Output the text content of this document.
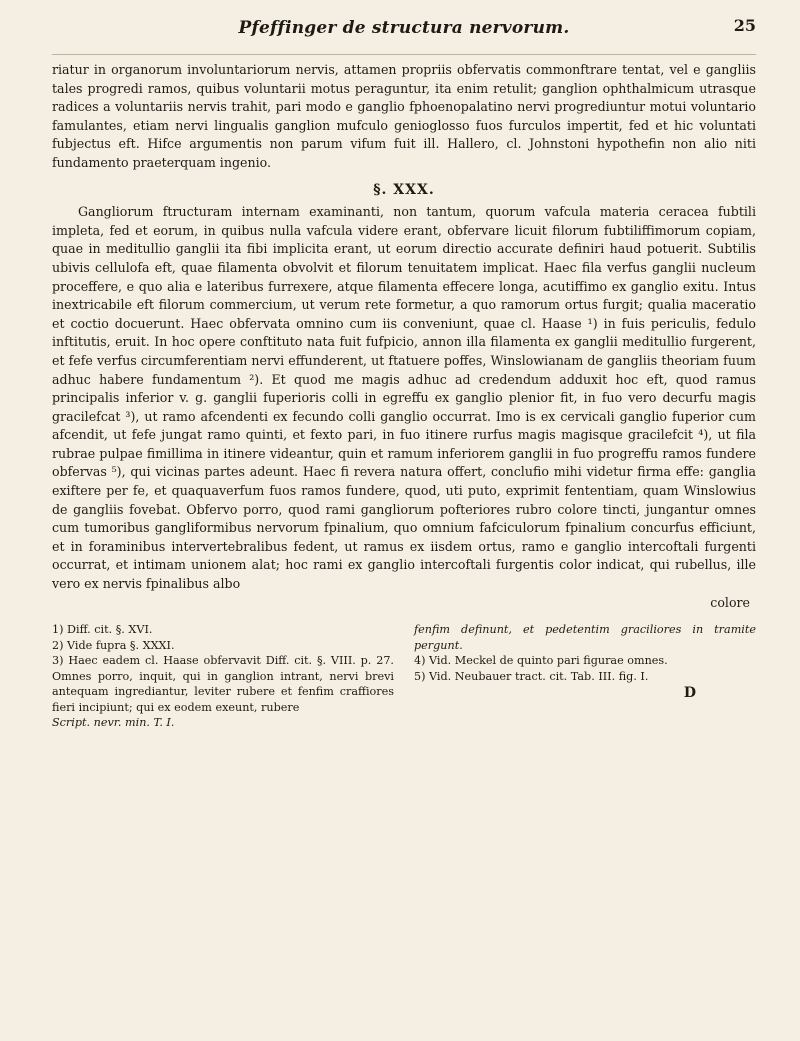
Pfeffinger de structura nervorum.	25

riatur in organorum involuntariorum nervis, attamen propriis obfervatis commonftrare tentat, vel e gangliis tales progredi ramos, quibus voluntarii motus peraguntur, ita enim retulit; ganglion ophthalmicum utrasque radices a voluntariis nervis trahit, pari modo e ganglio fphoenopalatino nervi progrediuntur motui voluntario famulantes, etiam nervi lingualis ganglion mufculo genioglosso fuos furculos impertit, fed et hic voluntati fubjectus eft. Hifce argumentis non parum vifum fuit ill. Hallero, cl. Johnstoni hypothefin non alio niti fundamento praeterquam ingenio.

§. XXX.

Gangliorum ftructuram internam examinanti, non tantum, quorum vafcula materia ceracea fubtili impleta, fed et eorum, in quibus nulla vafcula videre erant, obfervare licuit filorum fubtiliffimorum copiam, quae in meditullio ganglii ita fibi implicita erant, ut eorum directio accurate definiri haud potuerit. Subtilis ubivis cellulofa eft, quae filamenta obvolvit et filorum tenuitatem implicat. Haec fila verfus ganglii nucleum proceffere, e quo alia e lateribus furrexere, atque filamenta effecere longa, acutiffimo ex ganglio exitu. Intus inextricabile eft filorum commercium, ut verum rete formetur, a quo ramorum ortus furgit; qualia maceratio et coctio docuerunt. Haec obfervata omnino cum iis conveniunt, quae cl. Haase ¹) in fuis periculis, fedulo inftitutis, eruit. In hoc opere conftituto nata fuit fufpicio, annon illa filamenta ex ganglii meditullio furgerent, et fefe verfus circumferentiam nervi effunderent, ut ftatuere poffes, Winslowianam de gangliis theoriam fuum adhuc habere fundamentum ²). Et quod me magis adhuc ad credendum adduxit hoc eft, quod ramus principalis inferior v. g. ganglii fuperioris colli in egreffu ex ganglio plenior fit, in fuo vero decurfu magis gracilefcat ³), ut ramo afcendenti ex fecundo colli ganglio occurrat. Imo is ex cervicali ganglio fuperior cum afcendit, ut fefe jungat ramo quinti, et fexto pari, in fuo itinere rurfus magis magisque gracilefcit ⁴), ut fila rubrae pulpae fimillima in itinere videantur, quin et ramum inferiorem ganglii in fuo progreffu ramos fundere obfervas ⁵), qui vicinas partes adeunt. Haec fi revera natura offert, conclufio mihi videtur firma effe: ganglia exiftere per fe, et quaquaverfum fuos ramos fundere, quod, uti puto, exprimit fententiam, quam Winslowius de gangliis fovebat. Obfervo porro, quod rami gangliorum pofteriores rubro colore tincti, jungantur omnes cum tumoribus gangliformibus nervorum fpinalium, quo omnium fafciculorum fpinalium concurfus efficiunt, et in foraminibus intervertebralibus fedent, ut ramus ex iisdem ortus, ramo e ganglio intercoftali furgenti occurrat, et intimam unionem alat; hoc rami ex ganglio intercoftali furgentis color indicat, qui rubellus, ille vero ex nervis fpinalibus albo

colore

1) Diff. cit. §. XVI.

2) Vide fupra §. XXXI.

3) Haec eadem cl. Haase obfervavit Diff. cit. §. VIII. p. 27. Omnes porro, inquit, qui in ganglion intrant, nervi brevi antequam ingrediantur, leviter rubere et fenfim craffiores fieri incipiunt; qui ex eodem exeunt, rubere

Script. nevr. min. T. I.

fenfim definunt, et pedetentim graciliores in tramite pergunt.

4) Vid. Meckel de quinto pari figurae omnes.

5) Vid. Neubauer tract. cit. Tab. III. fig. I.

D
